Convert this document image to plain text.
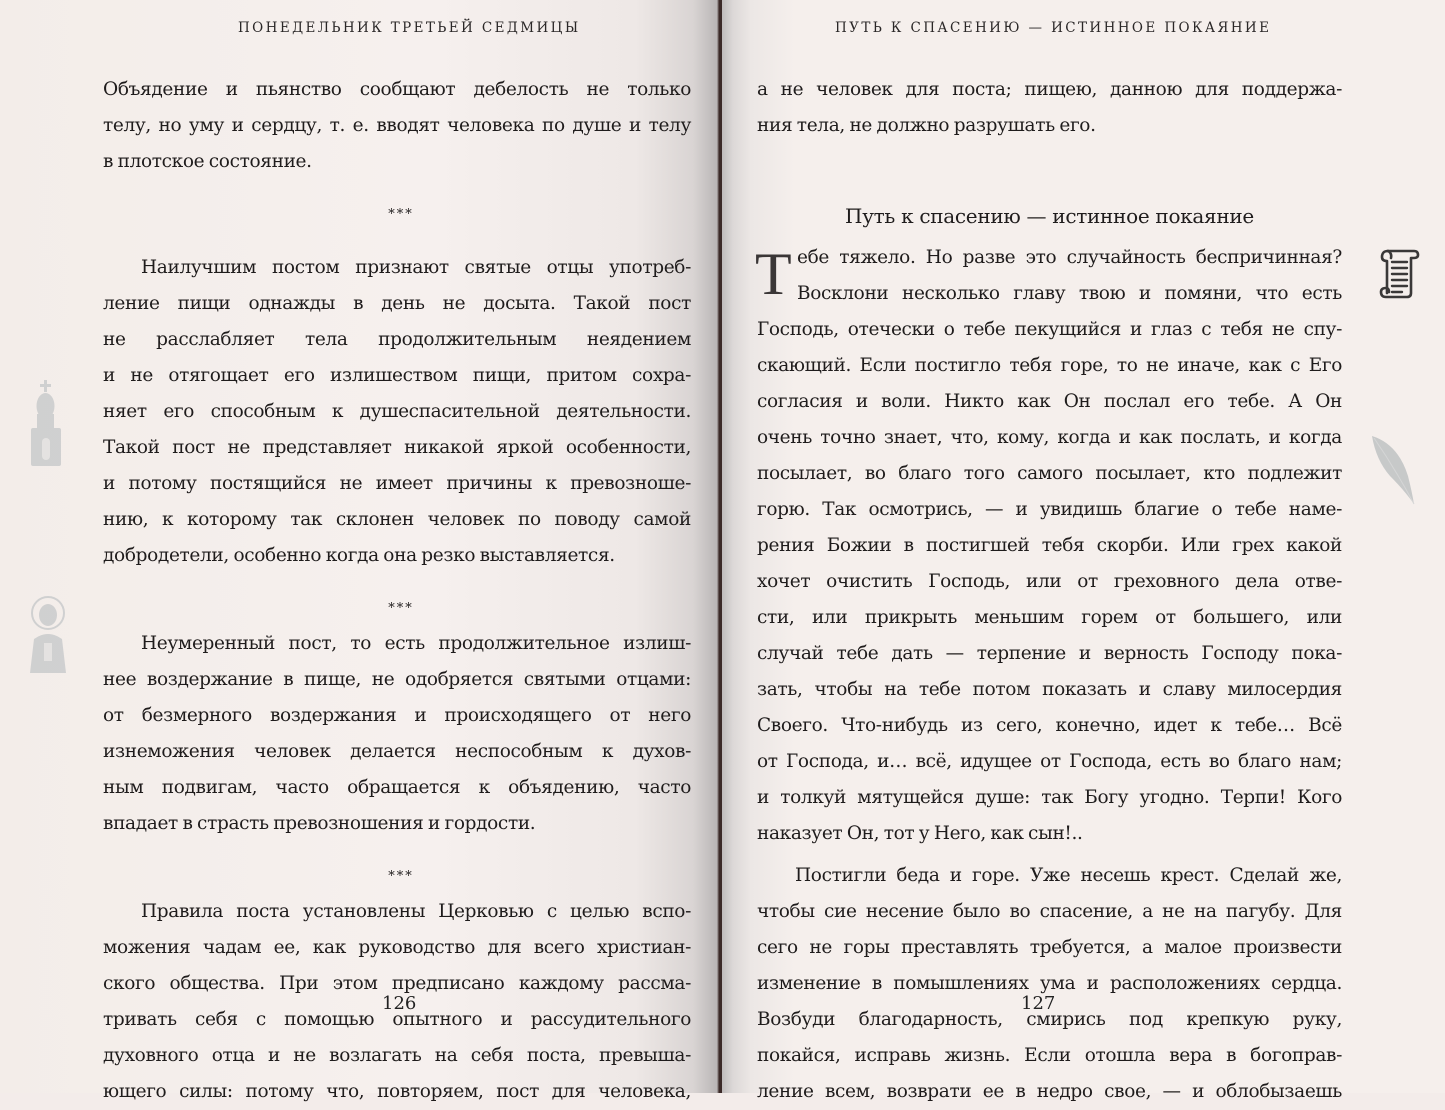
ПОНЕДЕЛЬНИК ТРЕТЬЕЙ СЕДМИЦЫ
Объядение и пьянство сообщают дебелость не только
телу, но уму и сердцу, т. е. вводят человека по душе и телу
в плотское состояние.
***
Наилучшим постом признают святые отцы употреб-
ление пищи однажды в день не досыта. Такой пост
не расслабляет тела продолжительным неядением
и не отягощает его излишеством пищи, притом сохра-
няет его способным к душеспасительной деятельности.
Такой пост не представляет никакой яркой особенности,
и потому постящийся не имеет причины к превозноше-
нию, к которому так склонен человек по поводу самой
добродетели, особенно когда она резко выставляется.
***
Неумеренный пост, то есть продолжительное излиш-
нее воздержание в пище, не одобряется святыми отцами:
от безмерного воздержания и происходящего от него
изнеможения человек делается неспособным к духов-
ным подвигам, часто обращается к объядению, часто
впадает в страсть превозношения и гордости.
***
Правила поста установлены Церковью с целью вспо-
можения чадам ее, как руководство для всего христиан-
ского общества. При этом предписано каждому рассма-
тривать себя с помощью опытного и рассудительного
духовного отца и не возлагать на себя поста, превыша-
ющего силы: потому что, повторяем, пост для человека,
126
ПУТЬ К СПАСЕНИЮ — ИСТИННОЕ ПОКАЯНИЕ
а не человек для поста; пищею, данною для поддержа-
ния тела, не должно разрушать его.
Путь к спасению — истинное покаяние
Т ебе тяжело. Но разве это случайность беспричинная?
Восклони несколько главу твою и помяни, что есть
Господь, отечески о тебе пекущийся и глаз с тебя не спу-
скающий. Если постигло тебя горе, то не иначе, как с Его
согласия и воли. Никто как Он послал его тебе. А Он
очень точно знает, что, кому, когда и как послать, и когда
посылает, во благо того самого посылает, кто подлежит
горю. Так осмотрись, — и увидишь благие о тебе наме-
рения Божии в постигшей тебя скорби. Или грех какой
хочет очистить Господь, или от греховного дела отве-
сти, или прикрыть меньшим горем от большего, или
случай тебе дать — терпение и верность Господу пока-
зать, чтобы на тебе потом показать и славу милосердия
Своего. Что-нибудь из сего, конечно, идет к тебе… Всё
от Господа, и… всё, идущее от Господа, есть во благо нам;
и толкуй мятущейся душе: так Богу угодно. Терпи! Кого
наказует Он, тот у Него, как сын!..
Постигли беда и горе. Уже несешь крест. Сделай же,
чтобы сие несение было во спасение, а не на пагубу. Для
сего не горы преставлять требуется, а малое произвести
изменение в помышлениях ума и расположениях сердца.
Возбуди благодарность, смирись под крепкую руку,
покайся, исправь жизнь. Если отошла вера в богоправ-
ление всем, возврати ее в недро свое, — и облобызаешь
127
